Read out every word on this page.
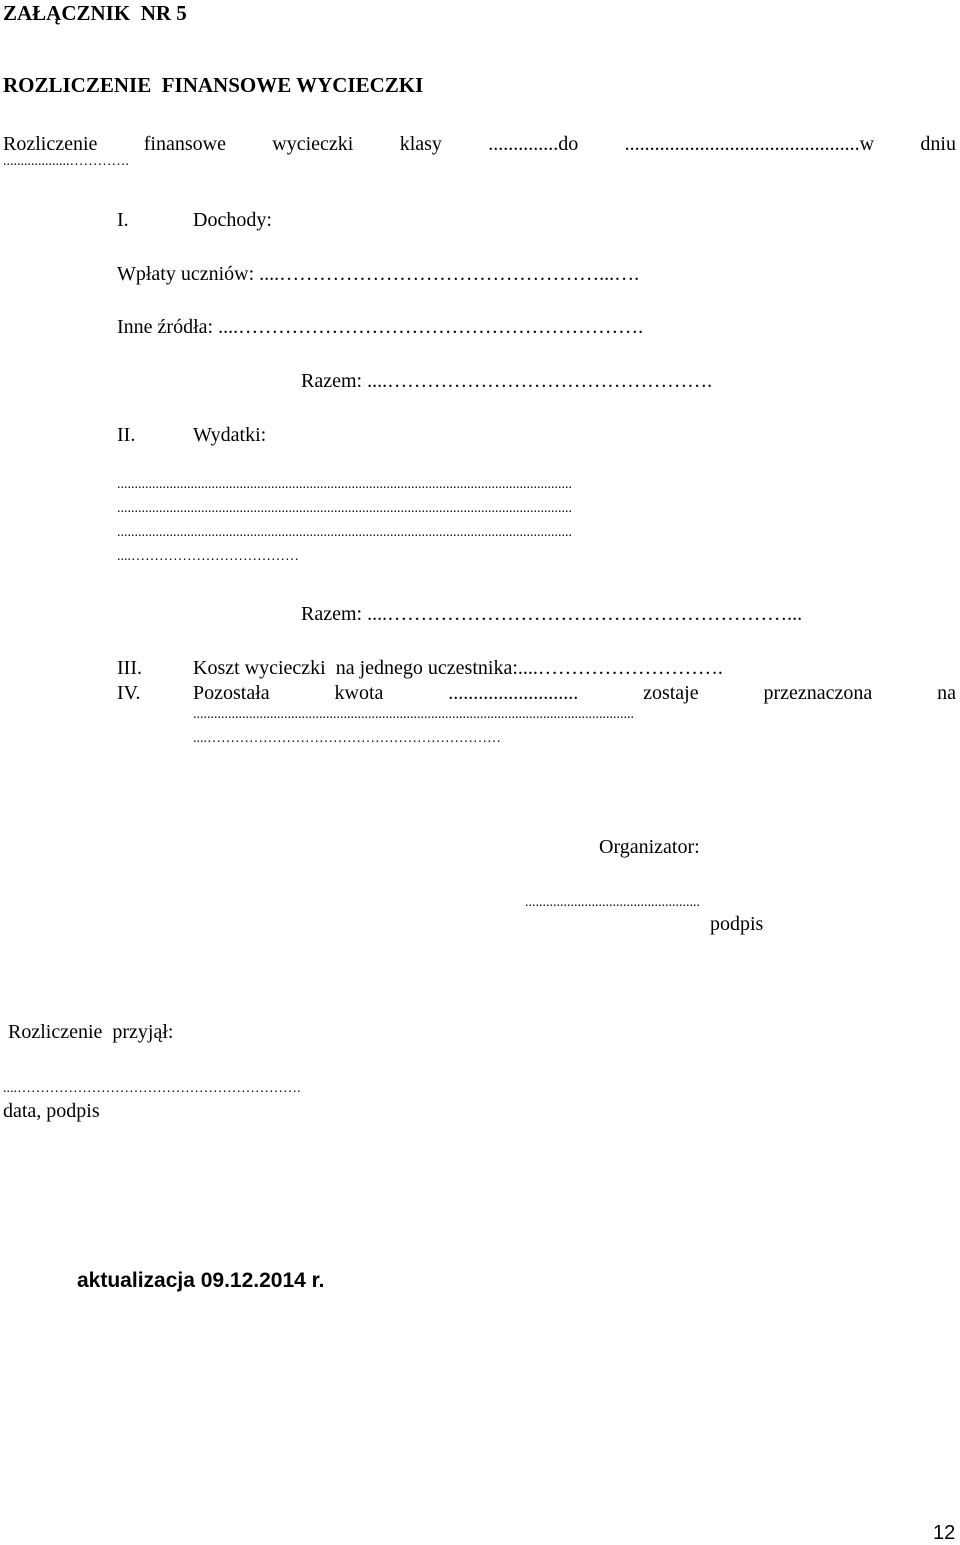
ZAŁĄCZNIK  NR 5
ROZLICZENIE  FINANSOWE WYCIECZKI
Rozliczenie finansowe wycieczki klasy ..............do ...............................................w dniu
...................………….
I.	Dochody:
Wpłaty uczniów: ....…………………………………………...….
Inne źródła: ....…………………………………………………….
Razem: ....………………………………………….
II.	Wydatki:
..................................................................................................................................
..................................................................................................................................
..................................................................................................................................
....………………………………
Razem: ....……………………………………………………...
III.	Koszt wycieczki  na jednego uczestnika:....……………………….
IV.	Pozostała	kwota	..........................	zostaje	przeznaczona	na
..............................................................................................................................
....………………………………………………………
Organizator:
..................................................
podpis
Rozliczenie  przyjął:
....…………………………………………………….
data, podpis
aktualizacja 09.12.2014 r.
12
